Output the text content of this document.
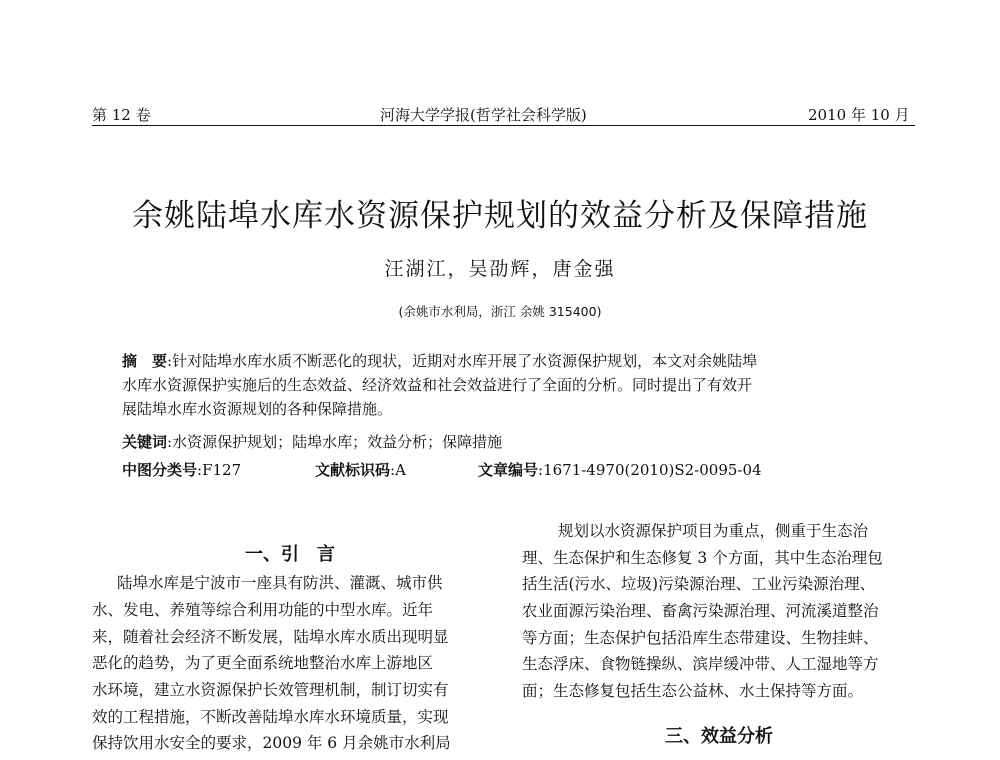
第 12 卷	河海大学学报(哲学社会科学版)	2010 年 10 月
余姚陆埠水库水资源保护规划的效益分析及保障措施
汪湖江，吴劭辉，唐金强
(余姚市水利局，浙江 余姚 315400)
摘　要:针对陆埠水库水质不断恶化的现状，近期对水库开展了水资源保护规划，本文对余姚陆埠
水库水资源保护实施后的生态效益、经济效益和社会效益进行了全面的分析。同时提出了有效开
展陆埠水库水资源规划的各种保障措施。
关键词:水资源保护规划；陆埠水库；效益分析；保障措施
中图分类号:F127	文献标识码:A	文章编号:1671-4970(2010)S2-0095-04
一、引　言
陆埠水库是宁波市一座具有防洪、灌溉、城市供
水、发电、养殖等综合利用功能的中型水库。近年
来，随着社会经济不断发展，陆埠水库水质出现明显
恶化的趋势，为了更全面系统地整治水库上游地区
水环境，建立水资源保护长效管理机制，制订切实有
效的工程措施，不断改善陆埠水库水环境质量，实现
保持饮用水安全的要求，2009 年 6 月余姚市水利局
规划以水资源保护项目为重点，侧重于生态治
理、生态保护和生态修复 3 个方面，其中生态治理包
括生活(污水、垃圾)污染源治理、工业污染源治理、
农业面源污染治理、畜禽污染源治理、河流溪道整治
等方面；生态保护包括沿库生态带建设、生物挂蚌、
生态浮床、食物链操纵、滨岸缓冲带、人工湿地等方
面；生态修复包括生态公益林、水土保持等方面。
三、效益分析
